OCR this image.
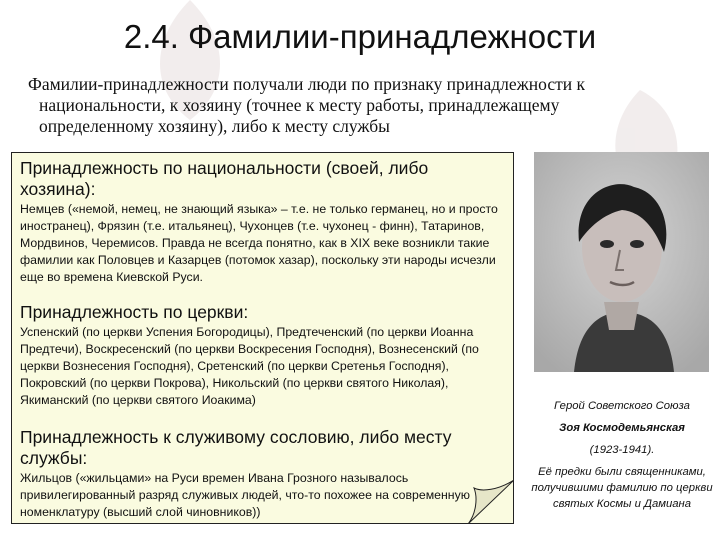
2.4. Фамилии-принадлежности
Фамилии-принадлежности получали люди по признаку принадлежности к
национальности, к хозяину (точнее к месту работы, принадлежащему
определенному хозяину), либо к месту службы
Принадлежность по национальности (своей, либо хозяина):
Немцев («немой, немец, не знающий языка» – т.е. не только германец, но и просто иностранец), Фрязин (т.е. итальянец), Чухонцев (т.е. чухонец - финн), Татаринов, Мордвинов, Черемисов. Правда не всегда понятно, как в XIX веке возникли такие фамилии как Половцев и Казарцев (потомок хазар), поскольку эти народы исчезли еще во времена Киевской Руси.
Принадлежность по церкви:
Успенский (по церкви Успения Богородицы), Предтеченский (по церкви Иоанна Предтечи), Воскресенский (по церкви Воскресения Господня), Вознесенский (по церкви Вознесения Господня), Сретенский (по церкви Сретенья Господня), Покровский (по церкви Покрова), Никольский (по церкви святого Николая), Якиманский (по церкви святого Иоакима)
Принадлежность к служивому сословию, либо месту службы:
Жильцов («жильцами» на Руси времен Ивана Грозного называлось привилегированный разряд служивых людей, что-то похожее на современную номенклатуру (высший слой чиновников))
Герой Советского Союза
Зоя Космодемьянская
(1923-1941).
Её предки были священниками, получившими фамилию по церкви святых Космы и Дамиана
